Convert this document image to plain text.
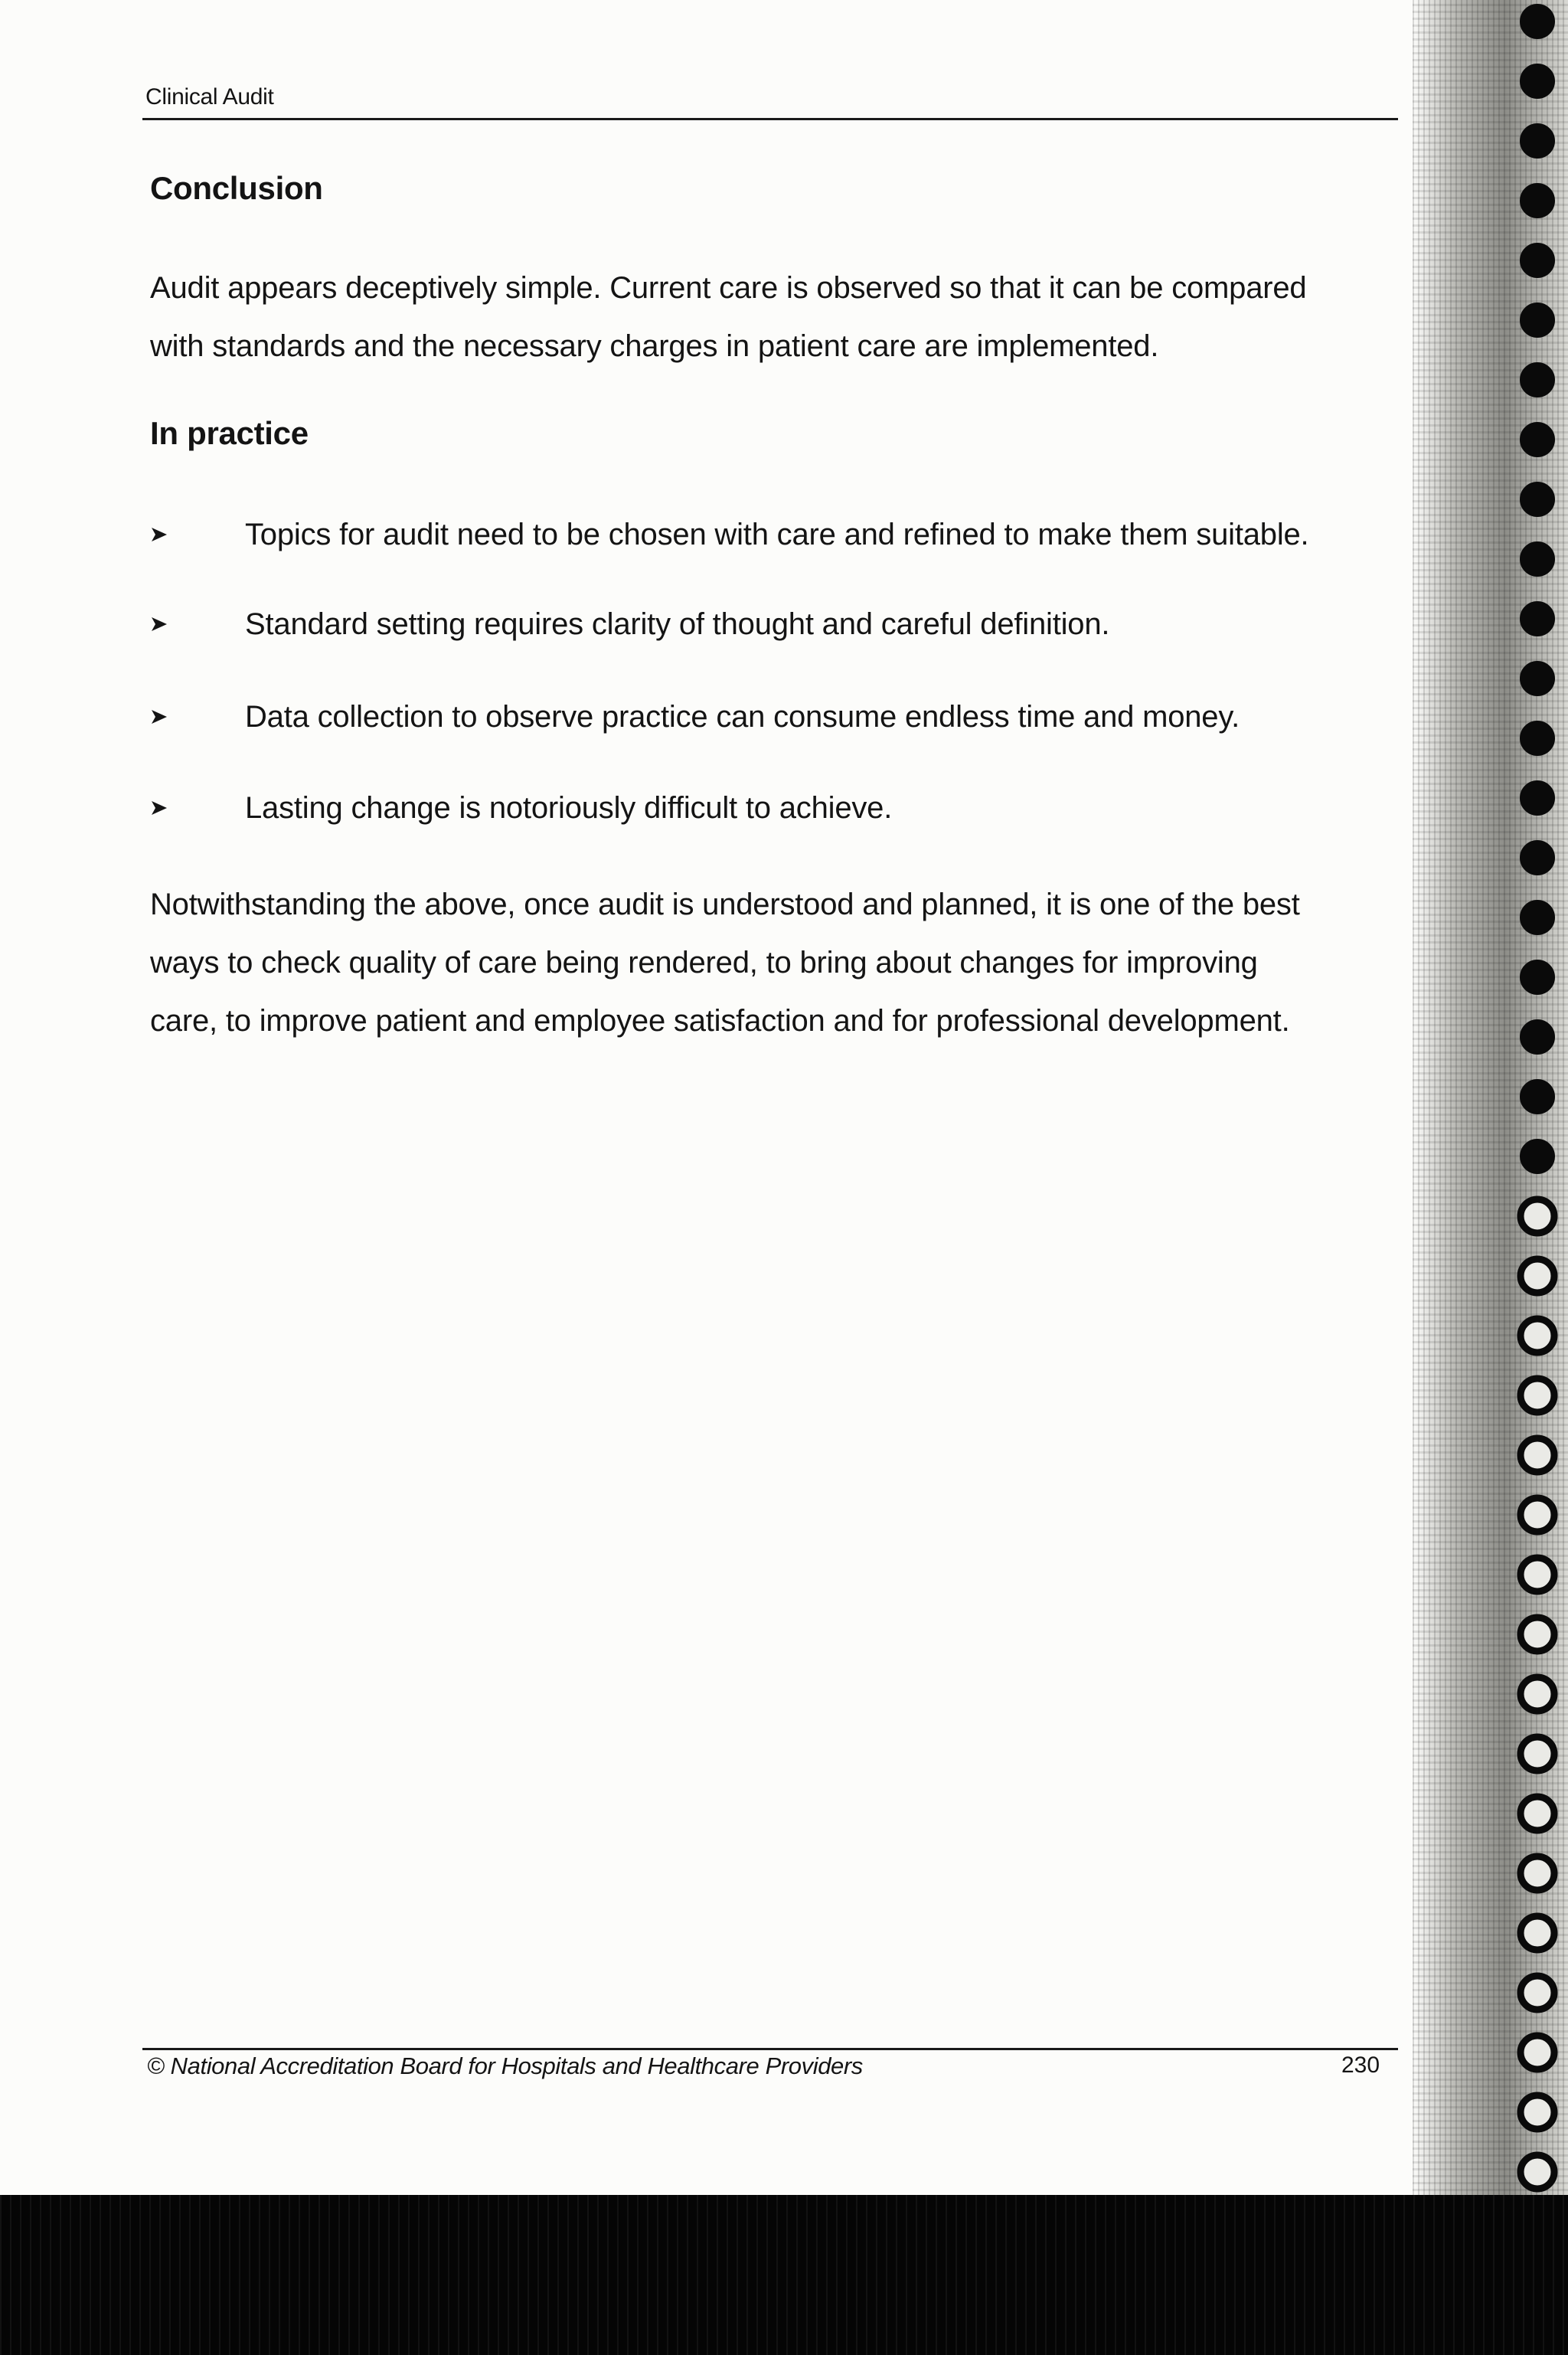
Clinical Audit
Conclusion
Audit appears deceptively simple. Current care is observed so that it can be compared
with standards and the necessary charges in patient care are implemented.
In practice
Topics for audit need to be chosen with care and refined to make them suitable.
Standard setting requires clarity of thought and careful definition.
Data collection to observe practice can consume endless time and money.
Lasting change is notoriously difficult to achieve.
Notwithstanding the above, once audit is understood and planned, it is one of the best
ways to check quality of care being rendered, to bring about changes for improving
care, to improve patient and employee satisfaction and for professional development.
© National Accreditation Board for Hospitals and Healthcare Providers	230
